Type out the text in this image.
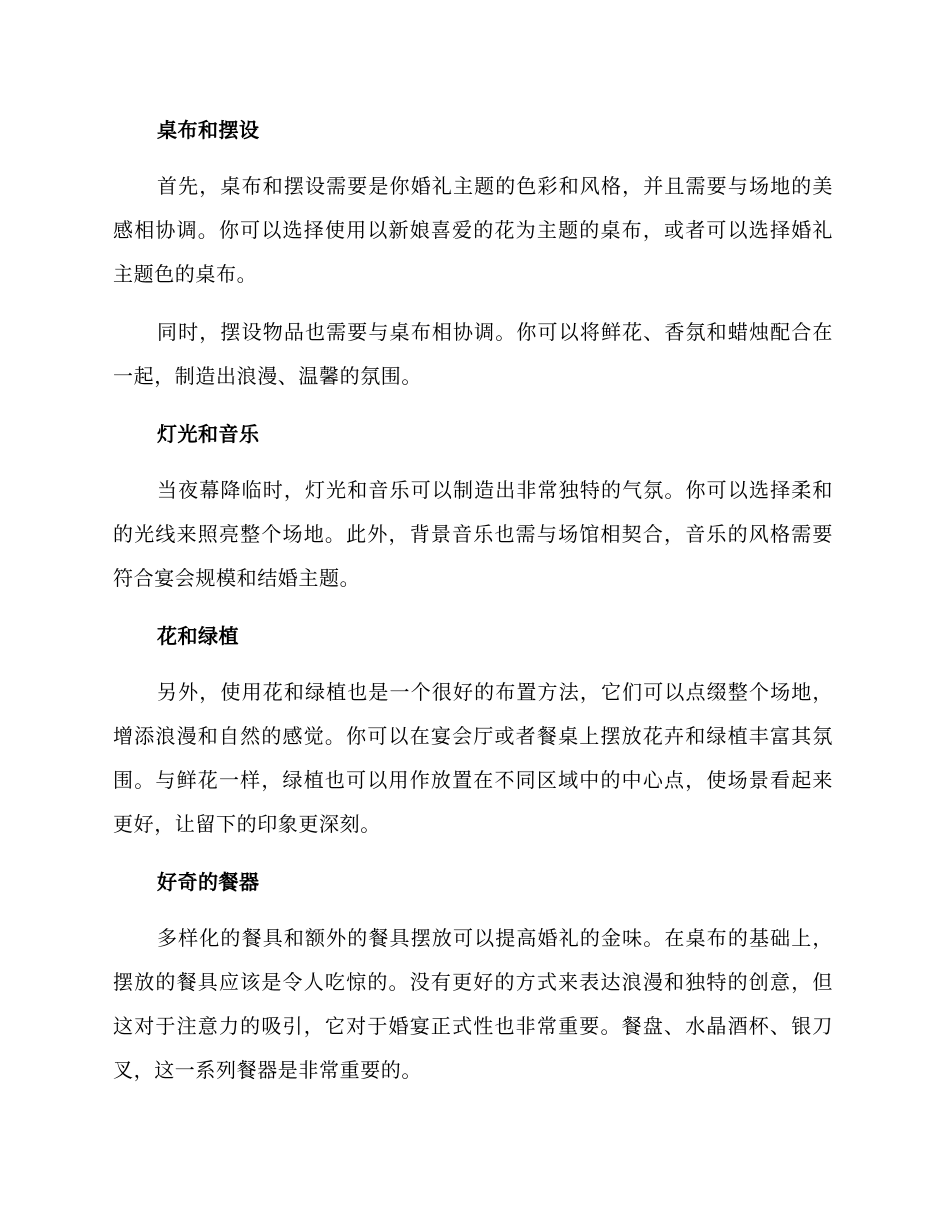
桌布和摆设

首先，桌布和摆设需要是你婚礼主题的色彩和风格，并且需要与场地的美感相协调。你可以选择使用以新娘喜爱的花为主题的桌布，或者可以选择婚礼主题色的桌布。

同时，摆设物品也需要与桌布相协调。你可以将鲜花、香氛和蜡烛配合在一起，制造出浪漫、温馨的氛围。

灯光和音乐

当夜幕降临时，灯光和音乐可以制造出非常独特的气氛。你可以选择柔和的光线来照亮整个场地。此外，背景音乐也需与场馆相契合，音乐的风格需要符合宴会规模和结婚主题。

花和绿植

另外，使用花和绿植也是一个很好的布置方法，它们可以点缀整个场地，增添浪漫和自然的感觉。你可以在宴会厅或者餐桌上摆放花卉和绿植丰富其氛围。与鲜花一样，绿植也可以用作放置在不同区域中的中心点，使场景看起来更好，让留下的印象更深刻。

好奇的餐器

多样化的餐具和额外的餐具摆放可以提高婚礼的金味。在桌布的基础上，摆放的餐具应该是令人吃惊的。没有更好的方式来表达浪漫和独特的创意，但这对于注意力的吸引，它对于婚宴正式性也非常重要。餐盘、水晶酒杯、银刀叉，这一系列餐器是非常重要的。
